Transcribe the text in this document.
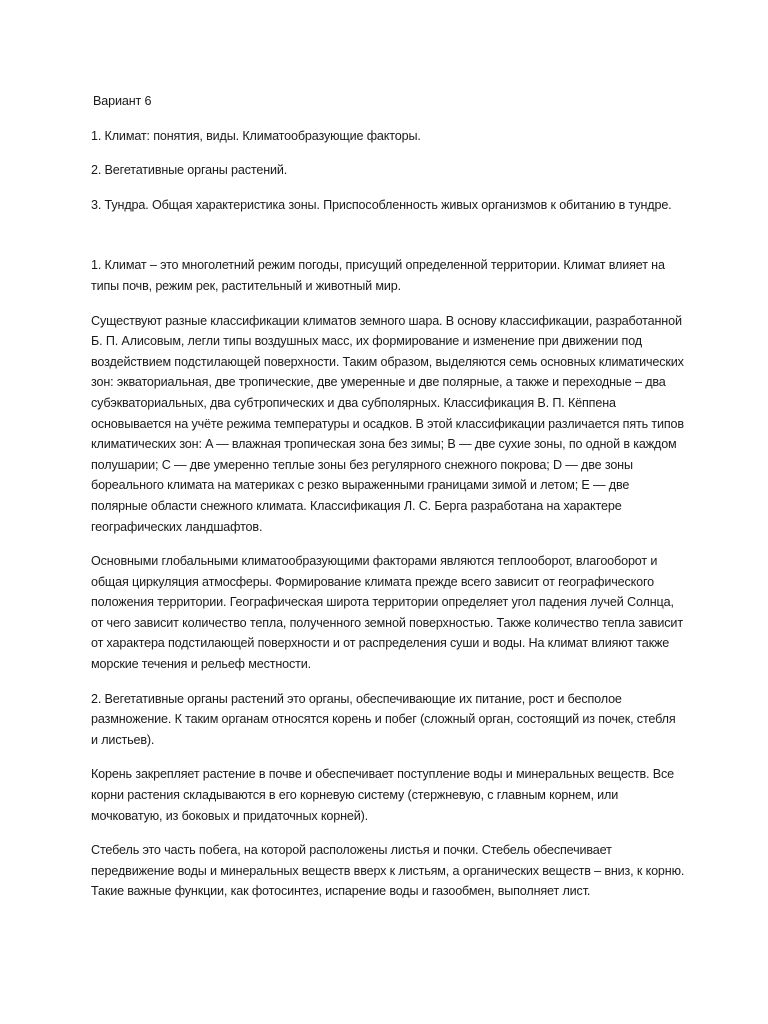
Вариант 6

1. Климат: понятия, виды. Климатообразующие факторы.

2. Вегетативные органы растений.

3. Тундра. Общая характеристика зоны. Приспособленность живых организмов к обитанию в тундре.

1. Климат – это многолетний режим погоды, присущий определенной территории. Климат влияет на типы почв, режим рек, растительный и животный мир.

Существуют разные классификации климатов земного шара. В основу классификации, разработанной Б. П. Алисовым, легли типы воздушных масс, их формирование и изменение при движении под воздействием подстилающей поверхности. Таким образом, выделяются семь основных климатических зон: экваториальная, две тропические, две умеренные и две полярные, а также и переходные – два субэкваториальных, два субтропических и два субполярных. Классификация В. П. Кёппена основывается на учёте режима температуры и осадков. В этой классификации различается пять типов климатических зон: A — влажная тропическая зона без зимы; B — две сухие зоны, по одной в каждом полушарии; C — две умеренно теплые зоны без регулярного снежного покрова; D — две зоны бореального климата на материках с резко выраженными границами зимой и летом; E — две полярные области снежного климата. Классификация Л. С. Берга разработана на характере географических ландшафтов.

Основными глобальными климатообразующими факторами являются теплооборот, влагооборот и общая циркуляция атмосферы. Формирование климата прежде всего зависит от географического положения территории. Географическая широта территории определяет угол падения лучей Солнца, от чего зависит количество тепла, полученного земной поверхностью. Также количество тепла зависит от характера подстилающей поверхности и от распределения суши и воды. На климат влияют также морские течения и рельеф местности.

2. Вегетативные органы растений это органы, обеспечивающие их питание, рост и бесполое размножение. К таким органам относятся корень и побег (сложный орган, состоящий из почек, стебля и листьев).

Корень закрепляет растение в почве и обеспечивает поступление воды и минеральных веществ. Все корни растения складываются в его корневую систему (стержневую, с главным корнем, или мочковатую, из боковых и придаточных корней).

Стебель это часть побега, на которой расположены листья и почки. Стебель обеспечивает передвижение воды и минеральных веществ вверх к листьям, а органических веществ – вниз, к корню. Такие важные функции, как фотосинтез, испарение воды и газообмен, выполняет лист.
